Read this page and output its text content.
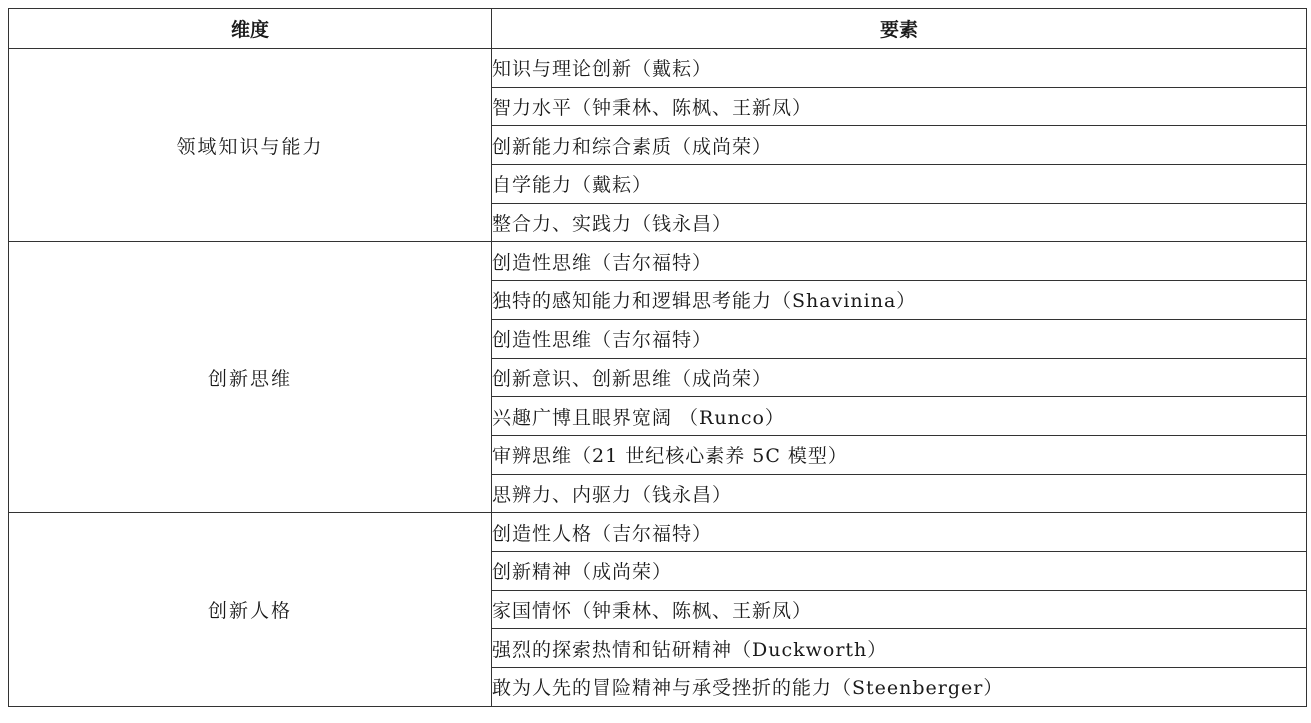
维度	要素
领域知识与能力	知识与理论创新（戴耘）
	智力水平（钟秉林、陈枫、王新凤）
	创新能力和综合素质（成尚荣）
	自学能力（戴耘）
	整合力、实践力（钱永昌）
创新思维	创造性思维（吉尔福特）
	独特的感知能力和逻辑思考能力（Shavinina）
	创造性思维（吉尔福特）
	创新意识、创新思维（成尚荣）
	兴趣广博且眼界宽阔 （Runco）
	审辨思维（21 世纪核心素养 5C 模型）
	思辨力、内驱力（钱永昌）
创新人格	创造性人格（吉尔福特）
	创新精神（成尚荣）
	家国情怀（钟秉林、陈枫、王新凤）
	强烈的探索热情和钻研精神（Duckworth）
	敢为人先的冒险精神与承受挫折的能力（Steenberger）
